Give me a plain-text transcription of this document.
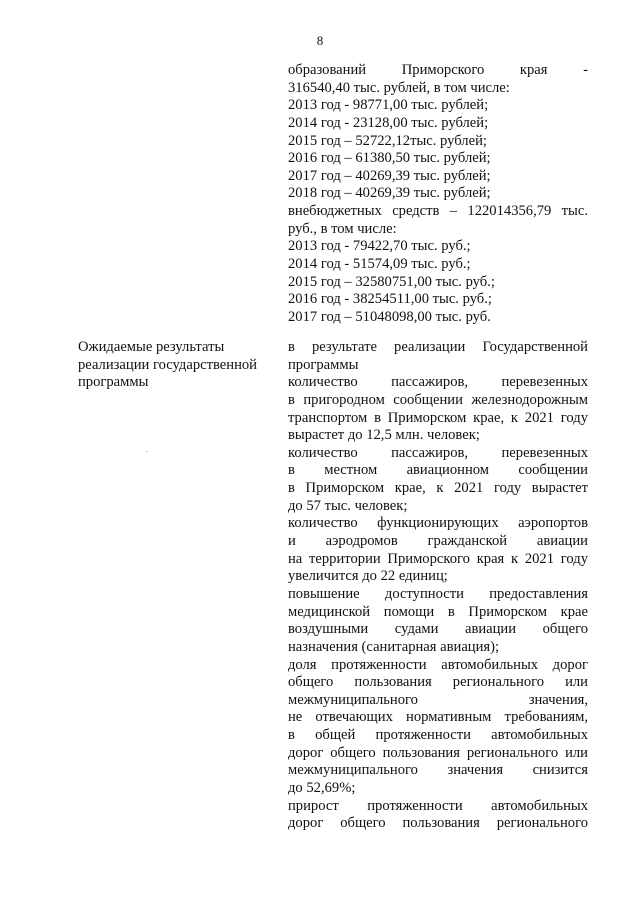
8
образований Приморского края -
316540,40 тыс. рублей, в том числе:
2013 год - 98771,00 тыс. рублей;
2014 год - 23128,00 тыс. рублей;
2015 год – 52722,12тыс. рублей;
2016 год – 61380,50 тыс. рублей;
2017 год – 40269,39 тыс. рублей;
2018 год – 40269,39 тыс. рублей;
внебюджетных средств – 122014356,79 тыс.
руб., в том числе:
2013 год - 79422,70 тыс. руб.;
2014 год - 51574,09 тыс. руб.;
2015 год – 32580751,00 тыс. руб.;
2016 год - 38254511,00 тыс. руб.;
2017 год – 51048098,00 тыс. руб.
Ожидаемые результаты
реализации государственной
программы
в результате реализации Государственной
программы
количество пассажиров, перевезенных
в пригородном сообщении железнодорожным
транспортом в Приморском крае, к 2021 году
вырастет до 12,5 млн. человек;
количество пассажиров, перевезенных
в местном авиационном сообщении
в Приморском крае, к 2021 году вырастет
до 57 тыс. человек;
количество функционирующих аэропортов
и аэродромов гражданской авиации
на территории Приморского края к 2021 году
увеличится до 22 единиц;
повышение доступности предоставления
медицинской помощи в Приморском крае
воздушными судами авиации общего
назначения (санитарная авиация);
доля протяженности автомобильных дорог
общего пользования регионального или
межмуниципального значения,
не отвечающих нормативным требованиям,
в общей протяженности автомобильных
дорог общего пользования регионального или
межмуниципального значения снизится
до 52,69%;
прирост протяженности автомобильных
дорог общего пользования регионального
